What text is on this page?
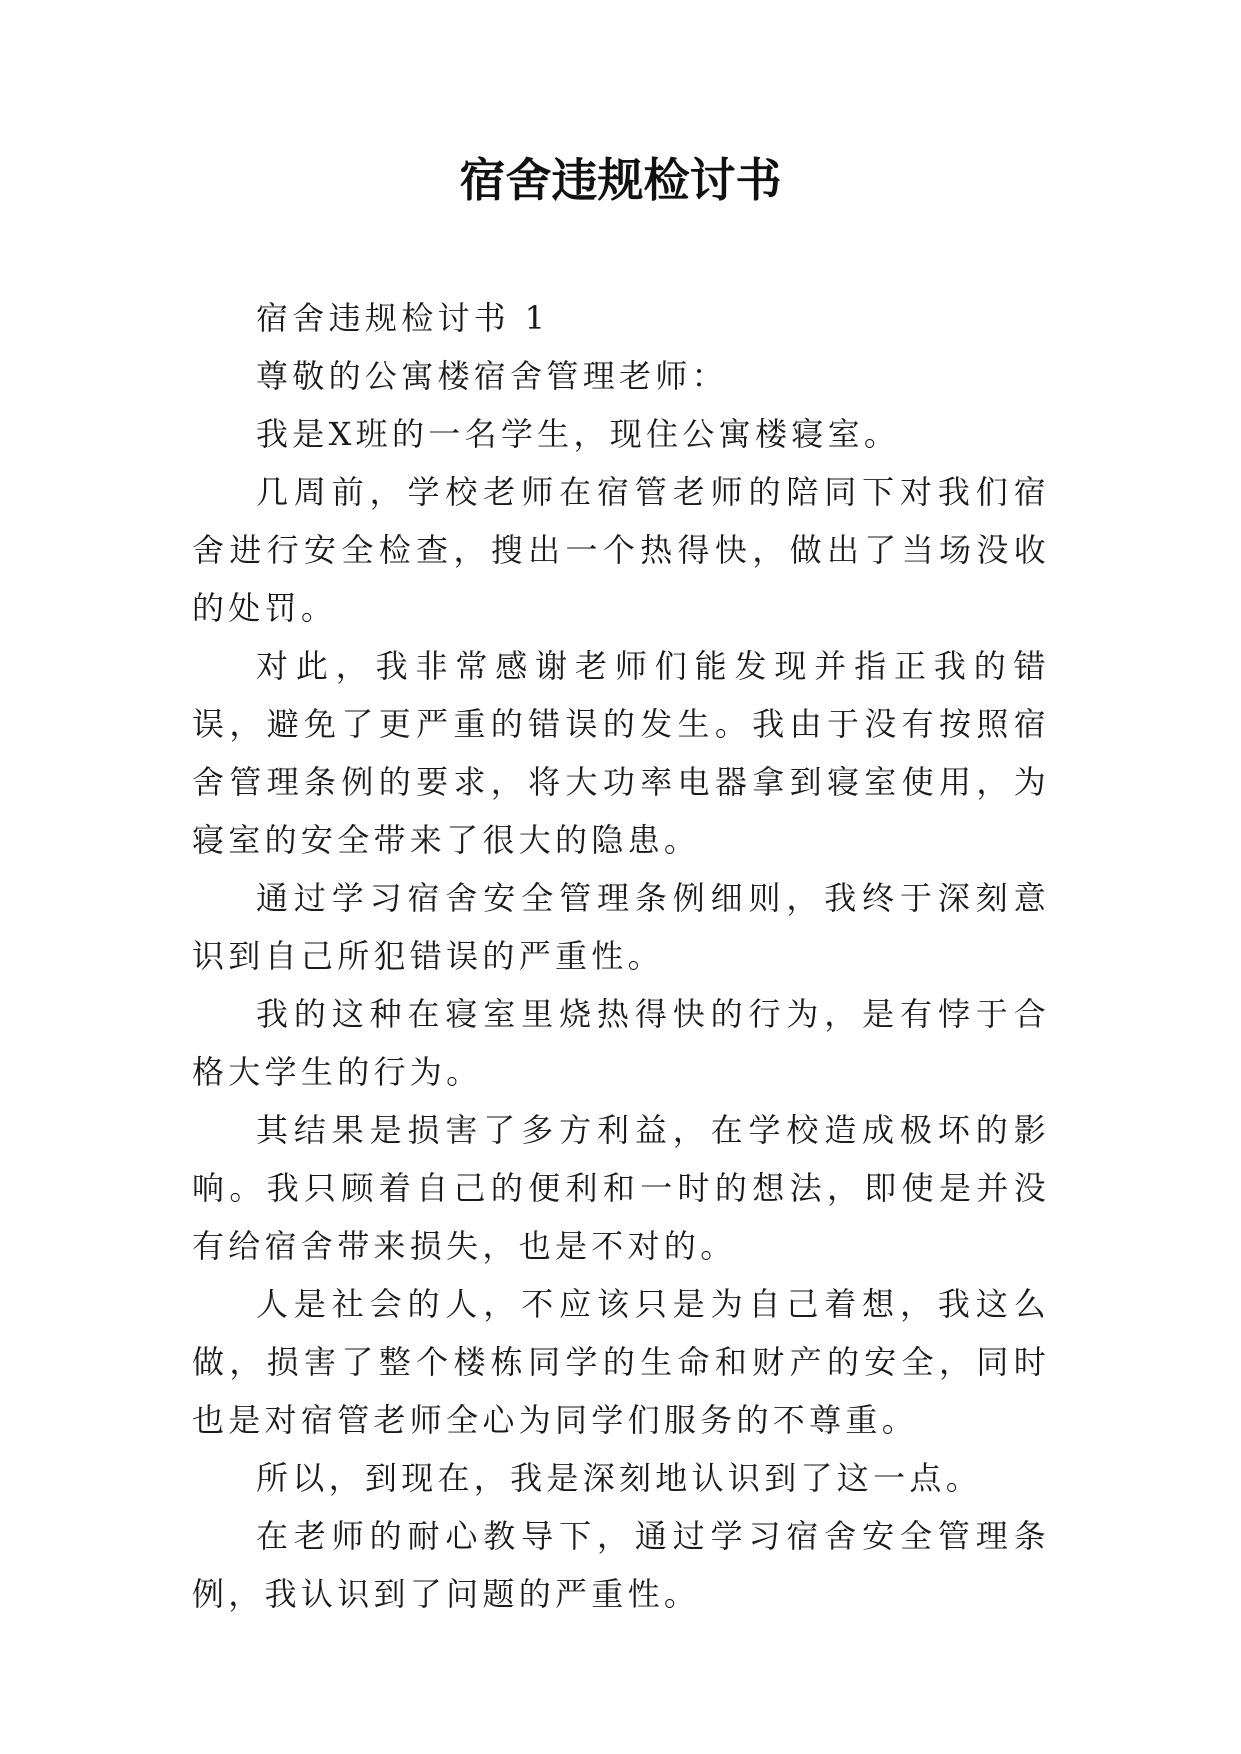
宿舍违规检讨书

宿舍违规检讨书 1

尊敬的公寓楼宿舍管理老师：

我是X班的一名学生，现住公寓楼寝室。

几周前，学校老师在宿管老师的陪同下对我们宿舍进行安全检查，搜出一个热得快，做出了当场没收的处罚。

对此，我非常感谢老师们能发现并指正我的错误，避免了更严重的错误的发生。我由于没有按照宿舍管理条例的要求，将大功率电器拿到寝室使用，为寝室的安全带来了很大的隐患。

通过学习宿舍安全管理条例细则，我终于深刻意识到自己所犯错误的严重性。

我的这种在寝室里烧热得快的行为，是有悖于合格大学生的行为。

其结果是损害了多方利益，在学校造成极坏的影响。我只顾着自己的便利和一时的想法，即使是并没有给宿舍带来损失，也是不对的。

人是社会的人，不应该只是为自己着想，我这么做，损害了整个楼栋同学的生命和财产的安全，同时也是对宿管老师全心为同学们服务的不尊重。

所以，到现在，我是深刻地认识到了这一点。

在老师的耐心教导下，通过学习宿舍安全管理条例，我认识到了问题的严重性。
